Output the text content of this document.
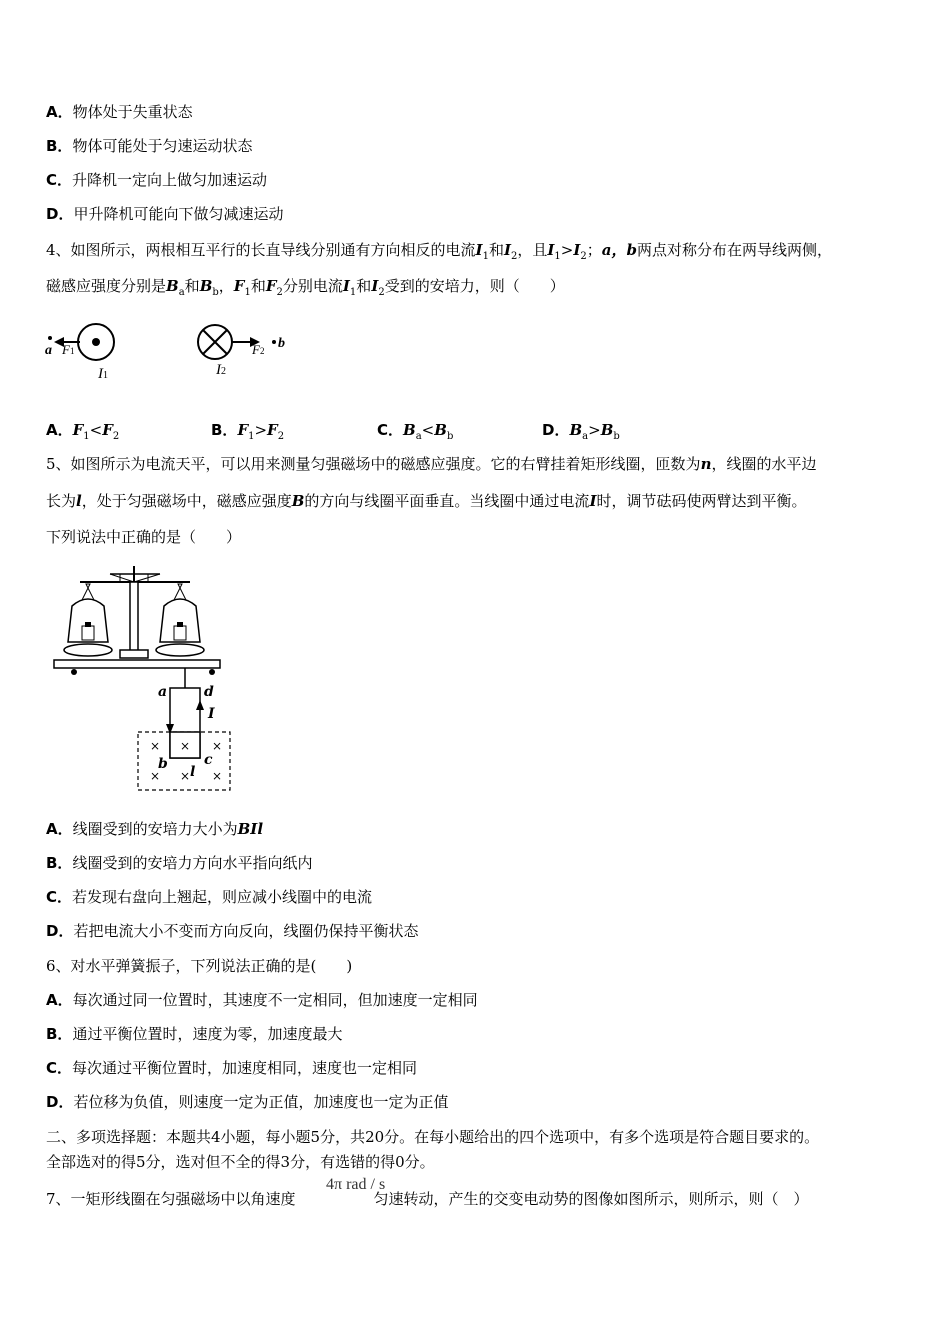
A．物体处于失重状态
B．物体可能处于匀速运动状态
C．升降机一定向上做匀加速运动
D．甲升降机可能向下做匀减速运动
4、如图所示，两根相互平行的长直导线分别通有方向相反的电流$I_1$和$I_2$，且$I_1>I_2$；a，b两点对称分布在两导线两侧，
磁感应强度分别是$B_a$和$B_b$，$F_1$和$F_2$分别电流$I_1$和$I_2$受到的安培力，则（　　）
a F1
I1
F2 b
I2
A．$F_1<F_2$	B．$F_1>F_2$	C．$B_a<B_b$	D．$B_a>B_b$
5、如图所示为电流天平，可以用来测量匀强磁场中的磁感应强度。它的右臂挂着矩形线圈，匝数为n，线圈的水平边
长为l，处于匀强磁场中，磁感应强度B的方向与线圈平面垂直。当线圈中通过电流I时，调节砝码使两臂达到平衡。
下列说法中正确的是（　　）
a	d
I
× × ×
× × ×
b l
c
A．线圈受到的安培力大小为BIl
B．线圈受到的安培力方向水平指向纸内
C．若发现右盘向上翘起，则应减小线圈中的电流
D．若把电流大小不变而方向反向，线圈仍保持平衡状态
6、对水平弹簧振子，下列说法正确的是(　　)
A．每次通过同一位置时，其速度不一定相同，但加速度一定相同
B．通过平衡位置时，速度为零，加速度最大
C．每次通过平衡位置时，加速度相同，速度也一定相同
D．若位移为负值，则速度一定为正值，加速度也一定为正值
二、多项选择题：本题共4小题，每小题5分，共20分。在每小题给出的四个选项中，有多个选项是符合题目要求的。
全部选对的得5分，选对但不全的得3分，有选错的得0分。
4π rad / s
7、一矩形线圈在匀强磁场中以角速度	匀速转动，产生的交变电动势的图像如图所示，则所示，则（　）
